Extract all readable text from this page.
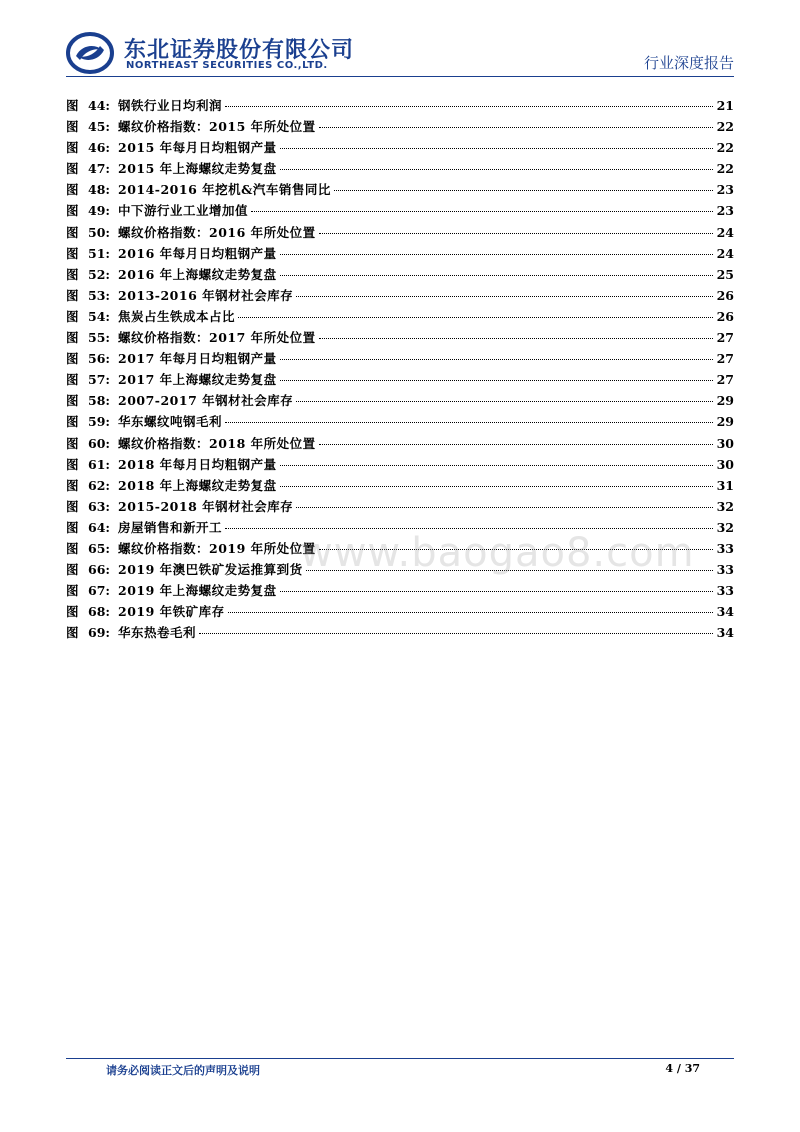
东北证券股份有限公司
NORTHEAST SECURITIES CO.,LTD.	行业深度报告
图 44: 钢铁行业日均利润	21
图 45: 螺纹价格指数：2015 年所处位置	22
图 46: 2015 年每月日均粗钢产量	22
图 47: 2015 年上海螺纹走势复盘	22
图 48: 2014-2016 年挖机&汽车销售同比	23
图 49: 中下游行业工业增加值	23
图 50: 螺纹价格指数：2016 年所处位置	24
图 51: 2016 年每月日均粗钢产量	24
图 52: 2016 年上海螺纹走势复盘	25
图 53: 2013-2016 年钢材社会库存	26
图 54: 焦炭占生铁成本占比	26
图 55: 螺纹价格指数：2017 年所处位置	27
图 56: 2017 年每月日均粗钢产量	27
图 57: 2017 年上海螺纹走势复盘	27
图 58: 2007-2017 年钢材社会库存	29
图 59: 华东螺纹吨钢毛利	29
图 60: 螺纹价格指数：2018 年所处位置	30
图 61: 2018 年每月日均粗钢产量	30
图 62: 2018 年上海螺纹走势复盘	31
图 63: 2015-2018 年钢材社会库存	32
图 64: 房屋销售和新开工	32
图 65: 螺纹价格指数：2019 年所处位置	33
图 66: 2019 年澳巴铁矿发运推算到货	33
图 67: 2019 年上海螺纹走势复盘	33
图 68: 2019 年铁矿库存	34
图 69: 华东热卷毛利	34
www.baogao8.com
请务必阅读正文后的声明及说明	4 / 37
